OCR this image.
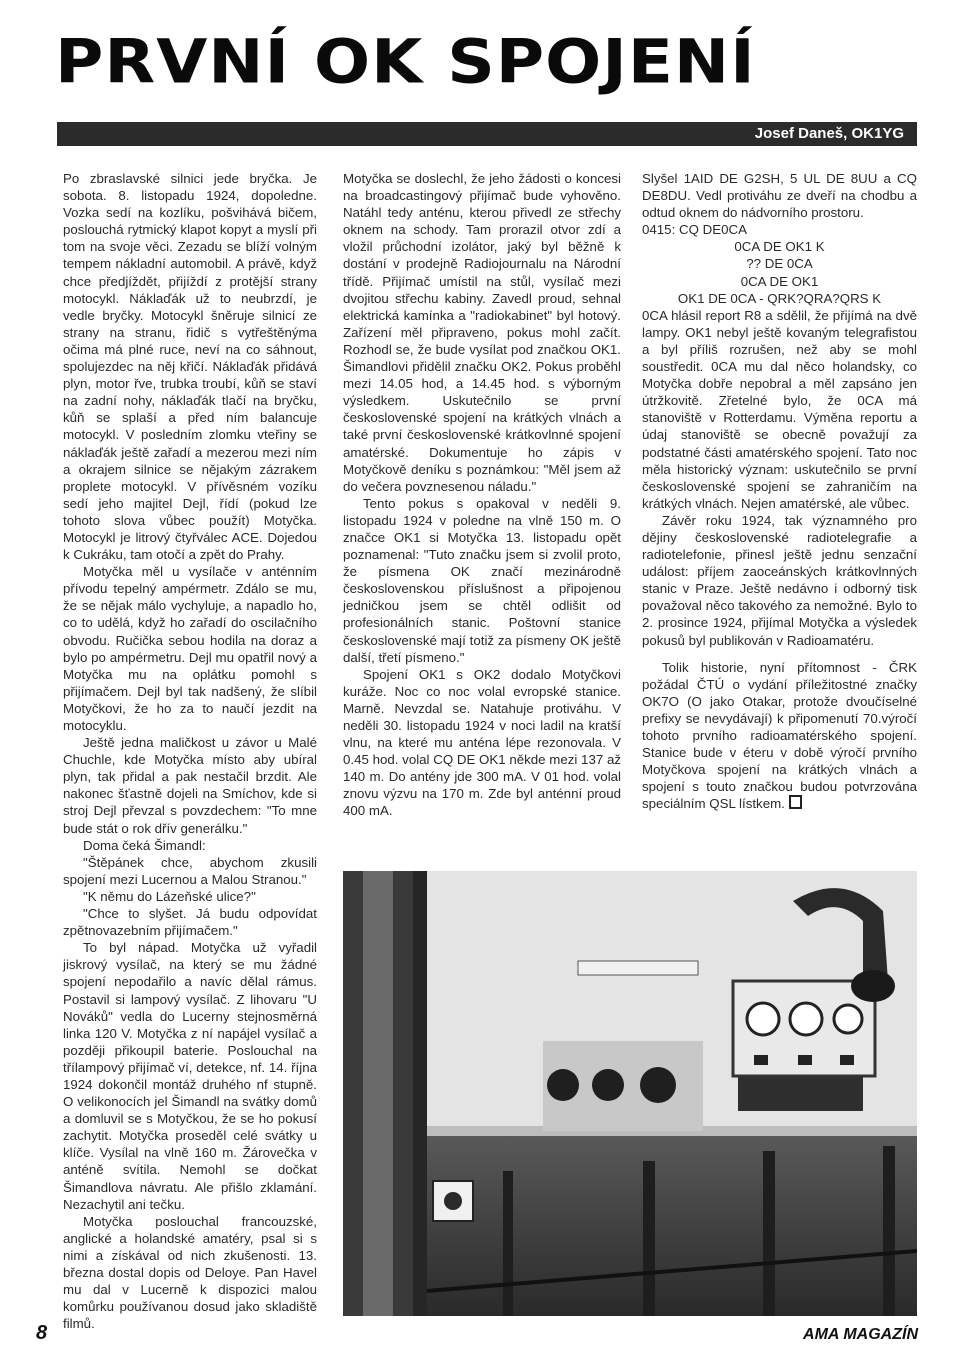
PRVNÍ OK SPOJENÍ
Josef Daneš, OK1YG

Po zbraslavské silnici jede bryčka. Je sobota. 8. listopadu 1924, dopoledne. Vozka sedí na kozlíku, pošvihává bičem, poslouchá rytmický klapot kopyt a myslí při tom na svoje věci. Zezadu se blíží volným tempem nákladní automobil. A právě, když chce předjíždět, přijíždí z protější strany motocykl. Náklaďák už to neubrzdí, je vedle bryčky. Motocykl šněruje silnicí ze strany na stranu, řidič s vytřeštěnýma očima má plné ruce, neví na co sáhnout, spolujezdec na něj křičí. Náklaďák přidává plyn, motor řve, trubka troubí, kůň se staví na zadní nohy, náklaďák tlačí na bryčku, kůň se splaší a před ním balancuje motocykl. V posledním zlomku vteřiny se náklaďák ještě zařadí a mezerou mezi ním a okrajem silnice se nějakým zázrakem proplete motocykl. V přívěsném vozíku sedí jeho majitel Dejl, řídí (pokud lze tohoto slova vůbec použít) Motyčka. Motocykl je litrový čtyřválec ACE. Dojedou k Cukráku, tam otočí a zpět do Prahy.

Motyčka měl u vysílače v anténním přívodu tepelný ampérmetr. Zdálo se mu, že se nějak málo vychyluje, a napadlo ho, co to udělá, když ho zařadí do oscilačního obvodu. Ručička sebou hodila na doraz a bylo po ampérmetru. Dejl mu opatřil nový a Motyčka mu na oplátku pomohl s přijímačem. Dejl byl tak nadšený, že slíbil Motyčkovi, že ho za to naučí jezdit na motocyklu.

Ještě jedna maličkost u závor u Malé Chuchle, kde Motyčka místo aby ubíral plyn, tak přidal a pak nestačil brzdit. Ale nakonec šťastně dojeli na Smíchov, kde si stroj Dejl převzal s povzdechem: "To mne bude stát o rok dřív generálku."

Doma čeká Šimandl:

"Štěpánek chce, abychom zkusili spojení mezi Lucernou a Malou Stranou."

"K němu do Lázeňské ulice?"

"Chce to slyšet. Já budu odpovídat zpětnovazebním přijímačem."

To byl nápad. Motyčka už vyřadil jiskrový vysílač, na který se mu žádné spojení nepodařilo a navíc dělal rámus. Postavil si lampový vysílač. Z lihovaru "U Nováků" vedla do Lucerny stejnosměrná linka 120 V. Motyčka z ní napájel vysílač a později přikoupil baterie. Poslouchal na třílampový přijímač ví, detekce, nf. 14. října 1924 dokončil montáž druhého nf stupně. O velikonocích jel Šimandl na svátky domů a domluvil se s Motyčkou, že se ho pokusí zachytit. Motyčka proseděl celé svátky u klíče. Vysílal na vlně 160 m. Žárovečka v anténě svítila. Nemohl se dočkat Šimandlova návratu. Ale přišlo zklamání. Nezachytil ani tečku.

Motyčka poslouchal francouzské, anglické a holandské amatéry, psal si s nimi a získával od nich zkušenosti. 13. března dostal dopis od Deloye. Pan Havel mu dal v Lucerně k dispozici malou komůrku používanou dosud jako skladiště filmů.

Motyčka se doslechl, že jeho žádosti o koncesi na broadcastingový přijímač bude vyhověno. Natáhl tedy anténu, kterou přivedl ze střechy oknem na schody. Tam prorazil otvor zdí a vložil průchodní izolátor, jaký byl běžně k dostání v prodejně Radiojournalu na Národní třídě. Přijímač umístil na stůl, vysílač mezi dvojitou střechu kabiny. Zavedl proud, sehnal elektrická kamínka a "radiokabinet" byl hotový. Zařízení měl připraveno, pokus mohl začít. Rozhodl se, že bude vysílat pod značkou OK1. Šimandlovi přidělil značku OK2. Pokus proběhl mezi 14.05 hod, a 14.45 hod. s výborným výsledkem. Uskutečnilo se první československé spojení na krátkých vlnách a také první československé krátkovlnné spojení amatérské. Dokumentuje ho zápis v Motyčkově deníku s poznámkou: "Měl jsem až do večera povznesenou náladu."

Tento pokus s opakoval v neděli 9. listopadu 1924 v poledne na vlně 150 m. O značce OK1 si Motyčka 13. listopadu opět poznamenal: "Tuto značku jsem si zvolil proto, že písmena OK značí mezinárodně československou příslušnost a připojenou jedničkou jsem se chtěl odlišit od profesionálních stanic. Poštovní stanice československé mají totiž za písmeny OK ještě další, třetí písmeno."

Spojení OK1 s OK2 dodalo Motyčkovi kuráže. Noc co noc volal evropské stanice. Marně. Nevzdal se. Natahuje protiváhu. V neděli 30. listopadu 1924 v noci ladil na kratší vlnu, na které mu anténa lépe rezonovala. V 0.45 hod. volal CQ DE OK1 někde mezi 137 až 140 m. Do antény jde 300 mA. V 01 hod. volal znovu výzvu na 170 m. Zde byl anténní proud 400 mA.

Slyšel 1AID DE G2SH, 5 UL DE 8UU a CQ DE8DU. Vedl protiváhu ze dveří na chodbu a odtud oknem do nádvorního prostoru.

0415: CQ DE0CA

0CA DE OK1 K

?? DE 0CA

0CA DE OK1

OK1 DE 0CA - QRK?QRA?QRS K

0CA hlásil report R8 a sdělil, že přijímá na dvě lampy. OK1 nebyl ještě kovaným telegrafistou a byl příliš rozrušen, než aby se mohl soustředit. 0CA mu dal něco holandsky, co Motyčka dobře nepobral a měl zapsáno jen útržkovitě. Zřetelné bylo, že 0CA má stanoviště v Rotterdamu. Výměna reportu a údaj stanoviště se obecně považují za podstatné části amatérského spojení. Tato noc měla historický význam: uskutečnilo se první československé spojení se zahraničím na krátkých vlnách. Nejen amatérské, ale vůbec.

Závěr roku 1924, tak významného pro dějiny československé radiotelegrafie a radiotelefonie, přinesl ještě jednu senzační událost: příjem zaoceánských krátkovlnných stanic v Praze. Ještě nedávno i odborný tisk považoval něco takového za nemožné. Bylo to 2. prosince 1924, přijímal Motyčka a výsledek pokusů byl publikován v Radioamatéru.

Tolik historie, nyní přítomnost - ČRK požádal ČTÚ o vydání příležitostné značky OK7O (O jako Otakar, protože dvoučíselné prefixy se nevydávají) k připomenutí 70.výročí tohoto prvního radioamatérského spojení. Stanice bude v éteru v době výročí prvního Motyčkova spojení na krátkých vlnách a spojení s touto značkou budou potvrzována speciálním QSL lístkem.

8	AMA MAGAZÍN
